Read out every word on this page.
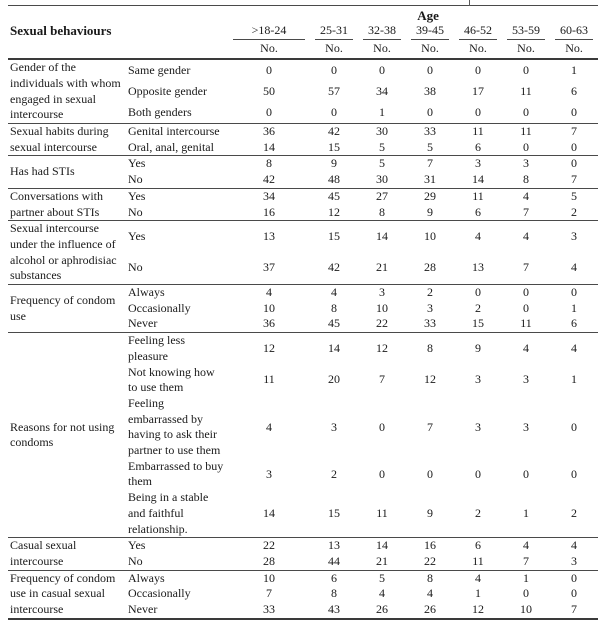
Sexual behaviours		Age						

		>18-24	25-31	32-38	39-45	46-52	53-59	60-63

		No.	No.	No.	No.	No.	No.	No.
Gender of the individuals with whom engaged in sexual intercourse	Same gender	0	0	0	0	0	0	1
	Opposite gender	50	57	34	38	17	11	6
	Both genders	0	0	1	0	0	0	0
Sexual habits during sexual intercourse	Genital intercourse	36	42	30	33	11	11	7
	Oral, anal, genital	14	15	5	5	6	0	0
Has had STIs	Yes	8	9	5	7	3	3	0
	No	42	48	30	31	14	8	7
Conversations with partner about STIs	Yes	34	45	27	29	11	4	5
	No	16	12	8	9	6	7	2
Sexual intercourse under the influence of alcohol or aphrodisiac substances	Yes	13	15	14	10	4	4	3
	No	37	42	21	28	13	7	4
Frequency of condom use	Always	4	4	3	2	0	0	0
	Occasionally	10	8	10	3	2	0	1
	Never	36	45	22	33	15	11	6
Reasons for not using condoms	Feeling less pleasure	12	14	12	8	9	4	4
	Not knowing how to use them	11	20	7	12	3	3	1
	Feeling embarrassed by having to ask their partner to use them	4	3	0	7	3	3	0
	Embarrassed to buy them	3	2	0	0	0	0	0
	Being in a stable and faithful relationship.	14	15	11	9	2	1	2
Casual sexual intercourse	Yes	22	13	14	16	6	4	4
	No	28	44	21	22	11	7	3
Frequency of condom use in casual sexual intercourse	Always	10	6	5	8	4	1	0
	Occasionally	7	8	4	4	1	0	0
	Never	33	43	26	26	12	10	7
